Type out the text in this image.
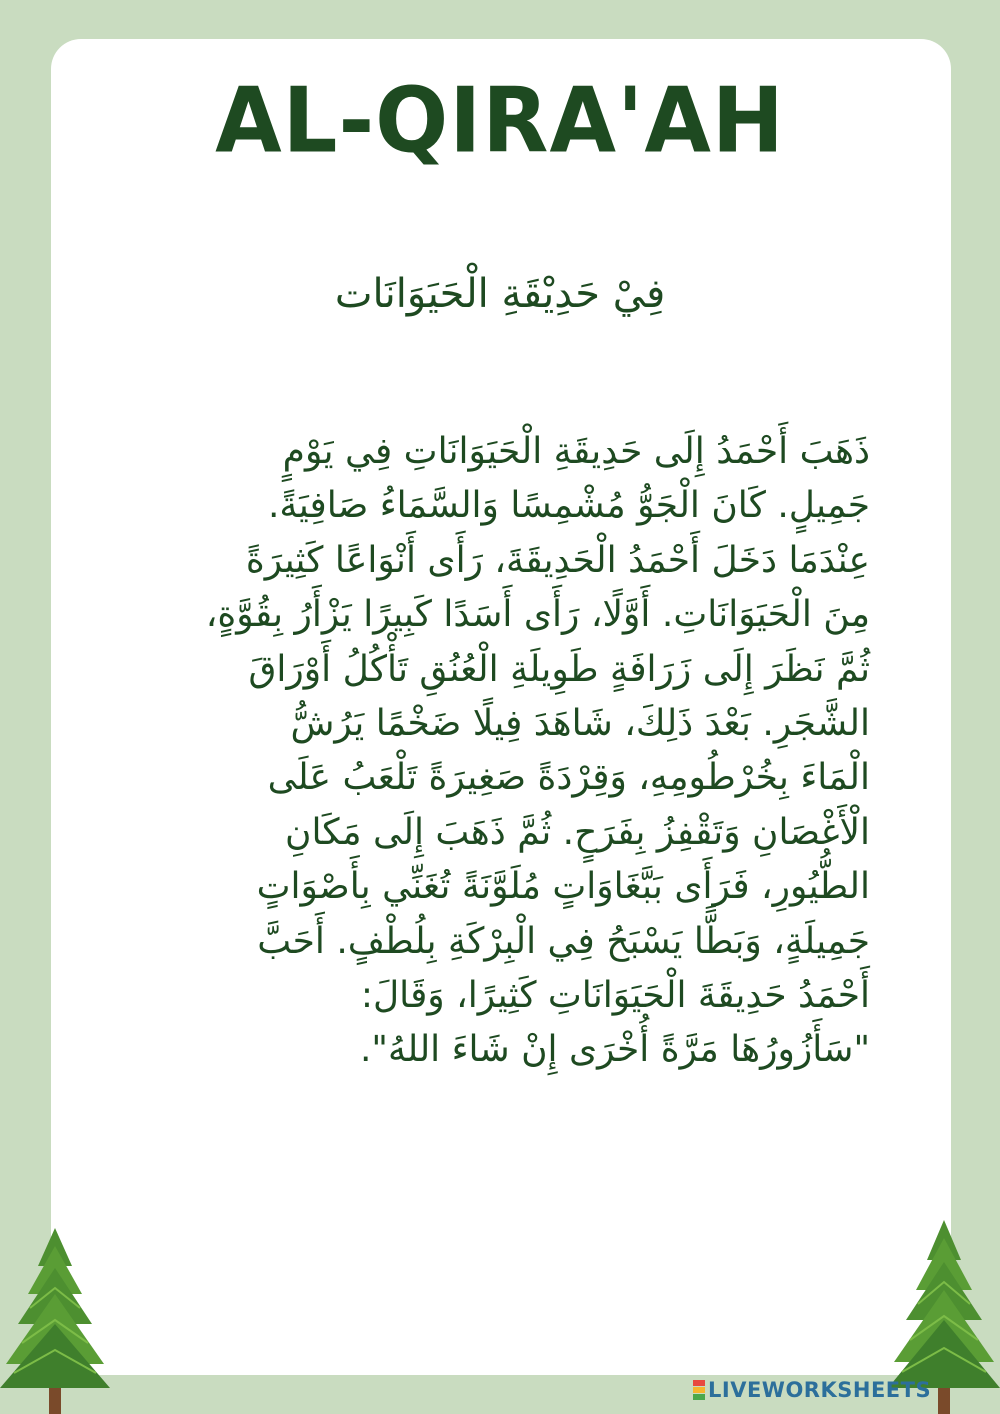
AL-QIRA'AH
فِيْ حَدِيْقَةِ الْحَيَوَانَات
ذَهَبَ أَحْمَدُ إِلَى حَدِيقَةِ الْحَيَوَانَاتِ فِي يَوْمٍ
جَمِيلٍ. كَانَ الْجَوُّ مُشْمِسًا وَالسَّمَاءُ صَافِيَةً.
عِنْدَمَا دَخَلَ أَحْمَدُ الْحَدِيقَةَ، رَأَى أَنْوَاعًا كَثِيرَةً
مِنَ الْحَيَوَانَاتِ. أَوَّلًا، رَأَى أَسَدًا كَبِيرًا يَزْأَرُ بِقُوَّةٍ،
ثُمَّ نَظَرَ إِلَى زَرَافَةٍ طَوِيلَةِ الْعُنُقِ تَأْكُلُ أَوْرَاقَ
الشَّجَرِ. بَعْدَ ذَلِكَ، شَاهَدَ فِيلًا ضَخْمًا يَرُشُّ
الْمَاءَ بِخُرْطُومِهِ، وَقِرْدَةً صَغِيرَةً تَلْعَبُ عَلَى
الْأَغْصَانِ وَتَقْفِزُ بِفَرَحٍ. ثُمَّ ذَهَبَ إِلَى مَكَانِ
الطُّيُورِ، فَرَأَى بَبَّغَاوَاتٍ مُلَوَّنَةً تُغَنِّي بِأَصْوَاتٍ
جَمِيلَةٍ، وَبَطًّا يَسْبَحُ فِي الْبِرْكَةِ بِلُطْفٍ. أَحَبَّ
أَحْمَدُ حَدِيقَةَ الْحَيَوَانَاتِ كَثِيرًا، وَقَالَ:
"سَأَزُورُهَا مَرَّةً أُخْرَى إِنْ شَاءَ اللهُ".
LIVEWORKSHEETS
